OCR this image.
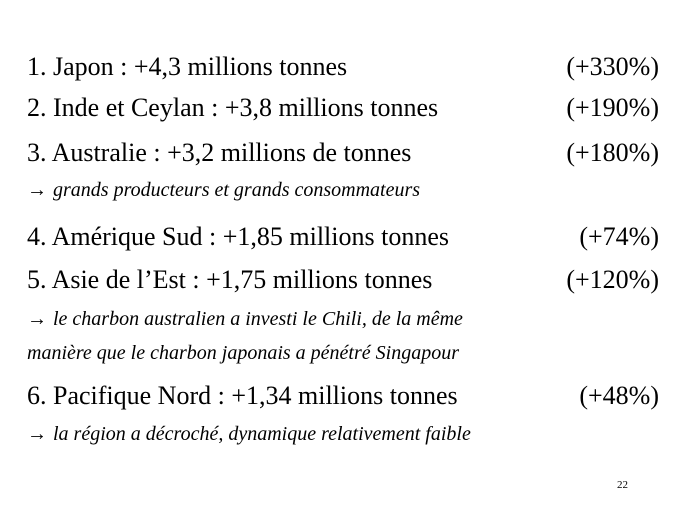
1. Japon : +4,3 millions tonnes	(+330%)
2. Inde et Ceylan : +3,8 millions tonnes	(+190%)
3. Australie : +3,2 millions de tonnes	(+180%)
→ grands producteurs et grands consommateurs
4. Amérique Sud : +1,85 millions tonnes	(+74%)
5. Asie de l’Est : +1,75 millions tonnes	(+120%)
→ le charbon australien a investi le Chili, de la même
manière que le charbon japonais a pénétré Singapour
6. Pacifique Nord : +1,34 millions tonnes	(+48%)
→ la région a décroché, dynamique relativement faible
22
